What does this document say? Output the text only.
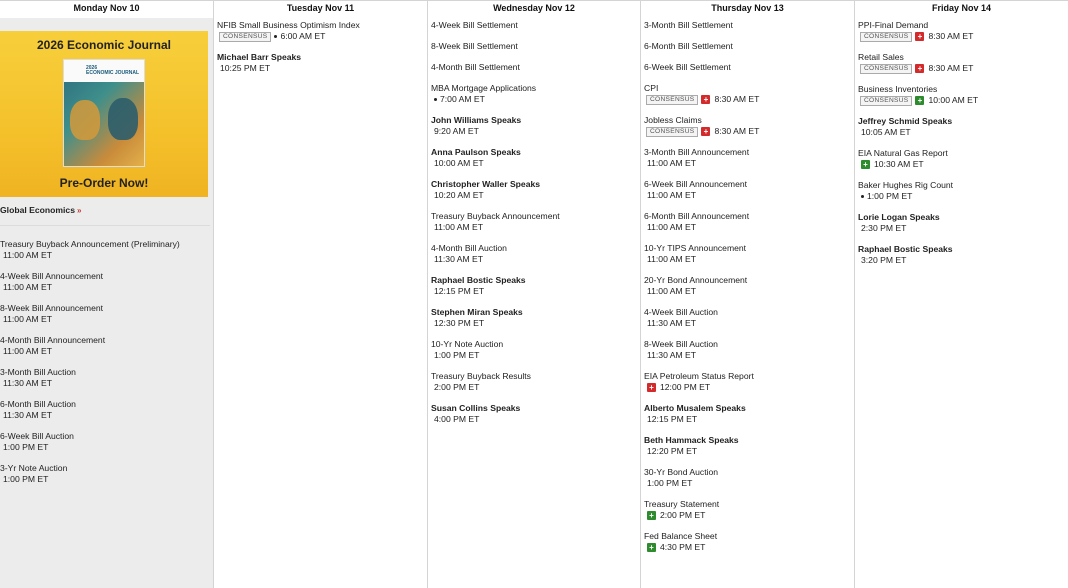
Monday Nov 10
2026 Economic Journal
2026
ECONOMIC JOURNAL
Pre-Order Now!
Global Economics »
Treasury Buyback Announcement (Preliminary)
11:00 AM ET
4-Week Bill Announcement
11:00 AM ET
8-Week Bill Announcement
11:00 AM ET
4-Month Bill Announcement
11:00 AM ET
3-Month Bill Auction
11:30 AM ET
6-Month Bill Auction
11:30 AM ET
6-Week Bill Auction
1:00 PM ET
3-Yr Note Auction
1:00 PM ET
Tuesday Nov 11
NFIB Small Business Optimism Index
CONSENSUS	6:00 AM ET
Michael Barr Speaks
10:25 PM ET
Wednesday Nov 12
4-Week Bill Settlement
8-Week Bill Settlement
4-Month Bill Settlement
MBA Mortgage Applications
7:00 AM ET
John Williams Speaks
9:20 AM ET
Anna Paulson Speaks
10:00 AM ET
Christopher Waller Speaks
10:20 AM ET
Treasury Buyback Announcement
11:00 AM ET
4-Month Bill Auction
11:30 AM ET
Raphael Bostic Speaks
12:15 PM ET
Stephen Miran Speaks
12:30 PM ET
10-Yr Note Auction
1:00 PM ET
Treasury Buyback Results
2:00 PM ET
Susan Collins Speaks
4:00 PM ET
Thursday Nov 13
3-Month Bill Settlement
6-Month Bill Settlement
6-Week Bill Settlement
CPI
CONSENSUS	+ 8:30 AM ET
Jobless Claims
CONSENSUS	+ 8:30 AM ET
3-Month Bill Announcement
11:00 AM ET
6-Week Bill Announcement
11:00 AM ET
6-Month Bill Announcement
11:00 AM ET
10-Yr TIPS Announcement
11:00 AM ET
20-Yr Bond Announcement
11:00 AM ET
4-Week Bill Auction
11:30 AM ET
8-Week Bill Auction
11:30 AM ET
EIA Petroleum Status Report
+ 12:00 PM ET
Alberto Musalem Speaks
12:15 PM ET
Beth Hammack Speaks
12:20 PM ET
30-Yr Bond Auction
1:00 PM ET
Treasury Statement
+ 2:00 PM ET
Fed Balance Sheet
+ 4:30 PM ET
Friday Nov 14
PPI-Final Demand
CONSENSUS	+ 8:30 AM ET
Retail Sales
CONSENSUS	+ 8:30 AM ET
Business Inventories
CONSENSUS	+ 10:00 AM ET
Jeffrey Schmid Speaks
10:05 AM ET
EIA Natural Gas Report
+ 10:30 AM ET
Baker Hughes Rig Count
1:00 PM ET
Lorie Logan Speaks
2:30 PM ET
Raphael Bostic Speaks
3:20 PM ET
